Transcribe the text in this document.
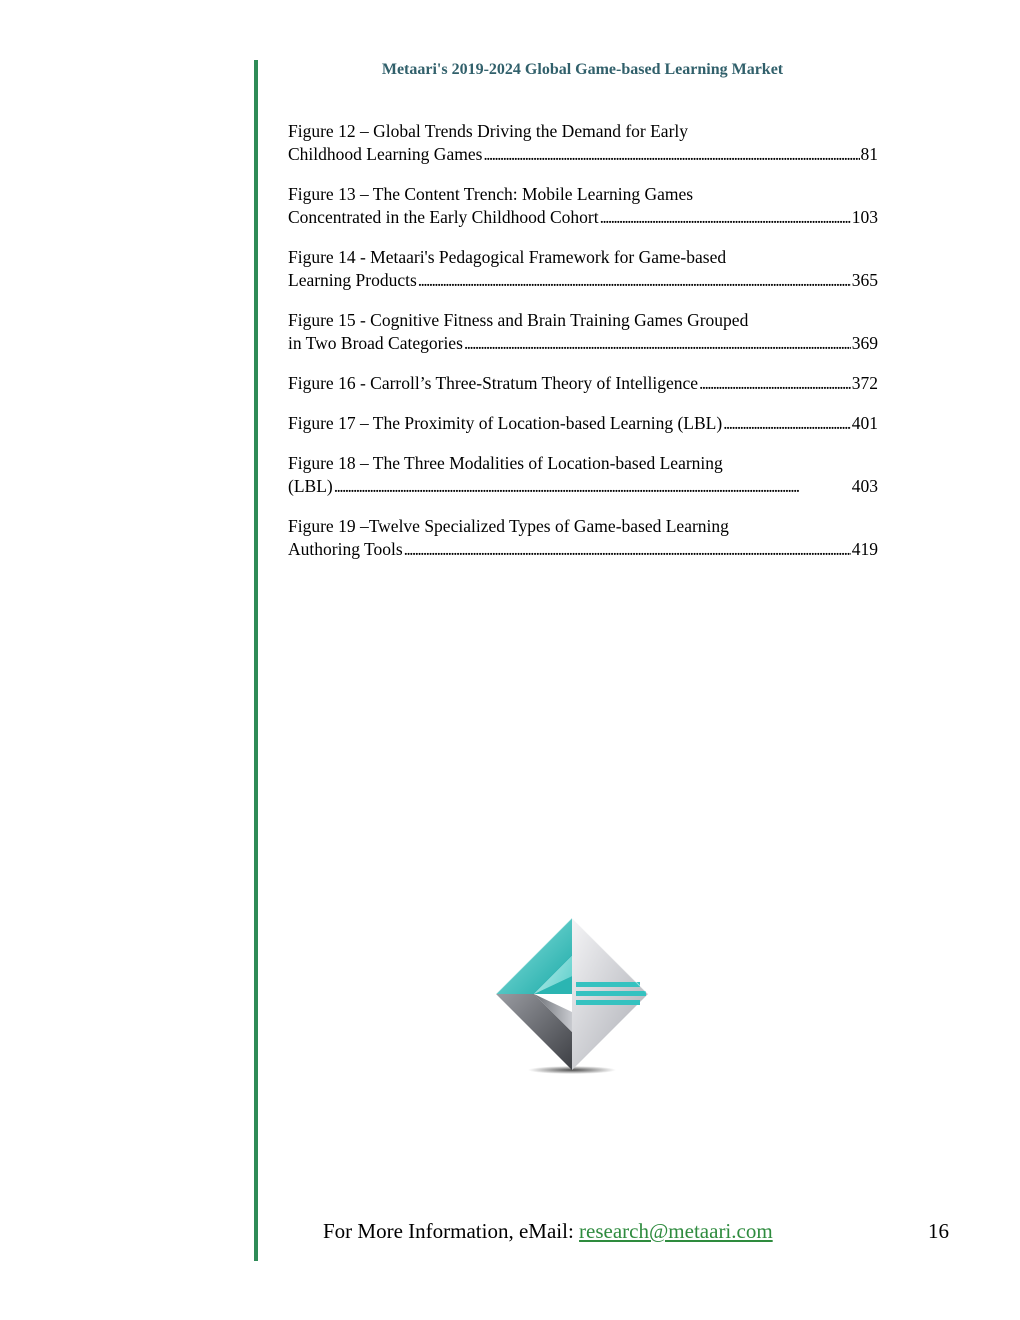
Metaari's 2019-2024 Global Game-based Learning Market
Figure 12 – Global Trends Driving the Demand for Early
Childhood Learning Games . . .	81
Figure 13 – The Content Trench: Mobile Learning Games
Concentrated in the Early Childhood Cohort . . .	103
Figure 14 - Metaari's Pedagogical Framework for Game-based
Learning Products . . .	365
Figure 15 - Cognitive Fitness and Brain Training Games Grouped
in Two Broad Categories . . .	369
Figure 16 - Carroll’s Three-Stratum Theory of Intelligence . . .	372
Figure 17 – The Proximity of Location-based Learning (LBL) . . .	401
Figure 18 – The Three Modalities of Location-based Learning
(LBL) . . .	403
Figure 19 –Twelve Specialized Types of Game-based Learning
Authoring Tools . . .	419
For More Information, eMail: research@metaari.com	16
